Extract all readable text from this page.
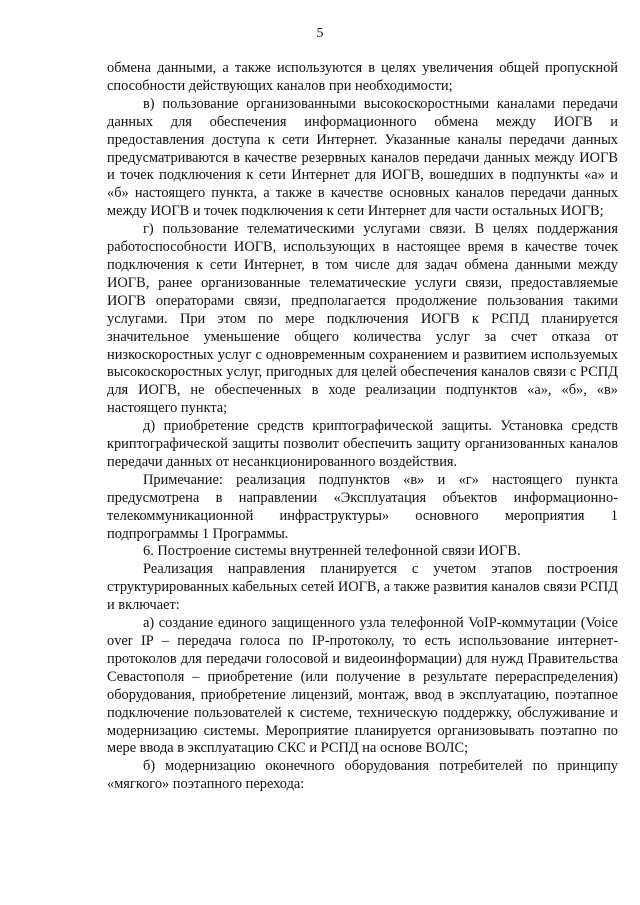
5

обмена данными, а также используются в целях увеличения общей пропускной способности действующих каналов при необходимости;

в) пользование организованными высокоскоростными каналами передачи данных для обеспечения информационного обмена между ИОГВ и предоставления доступа к сети Интернет. Указанные каналы передачи данных предусматриваются в качестве резервных каналов передачи данных между ИОГВ и точек подключения к сети Интернет для ИОГВ, вошедших в подпункты «а» и «б» настоящего пункта, а также в качестве основных каналов передачи данных между ИОГВ и точек подключения к сети Интернет для части остальных ИОГВ;

г) пользование телематическими услугами связи. В целях поддержания работоспособности ИОГВ, использующих в настоящее время в качестве точек подключения к сети Интернет, в том числе для задач обмена данными между ИОГВ, ранее организованные телематические услуги связи, предоставляемые ИОГВ операторами связи, предполагается продолжение пользования такими услугами. При этом по мере подключения ИОГВ к РСПД планируется значительное уменьшение общего количества услуг за счет отказа от низкоскоростных услуг с одновременным сохранением и развитием используемых высокоскоростных услуг, пригодных для целей обеспечения каналов связи с РСПД для ИОГВ, не обеспеченных в ходе реализации подпунктов «а», «б», «в» настоящего пункта;

д) приобретение средств криптографической защиты. Установка средств криптографической защиты позволит обеспечить защиту организованных каналов передачи данных от несанкционированного воздействия.

Примечание: реализация подпунктов «в» и «г» настоящего пункта предусмотрена в направлении «Эксплуатация объектов информационно-телекоммуникационной инфраструктуры» основного мероприятия 1 подпрограммы 1 Программы.

6. Построение системы внутренней телефонной связи ИОГВ.

Реализация направления планируется с учетом этапов построения структурированных кабельных сетей ИОГВ, а также развития каналов связи РСПД и включает:

а) создание единого защищенного узла телефонной VoIP-коммутации (Voice over IP – передача голоса по IP-протоколу, то есть использование интернет-протоколов для передачи голосовой и видеоинформации) для нужд Правительства Севастополя – приобретение (или получение в результате перераспределения) оборудования, приобретение лицензий, монтаж, ввод в эксплуатацию, поэтапное подключение пользователей к системе, техническую поддержку, обслуживание и модернизацию системы. Мероприятие планируется организовывать поэтапно по мере ввода в эксплуатацию СКС и РСПД на основе ВОЛС;

б) модернизацию оконечного оборудования потребителей по принципу «мягкого» поэтапного перехода:
